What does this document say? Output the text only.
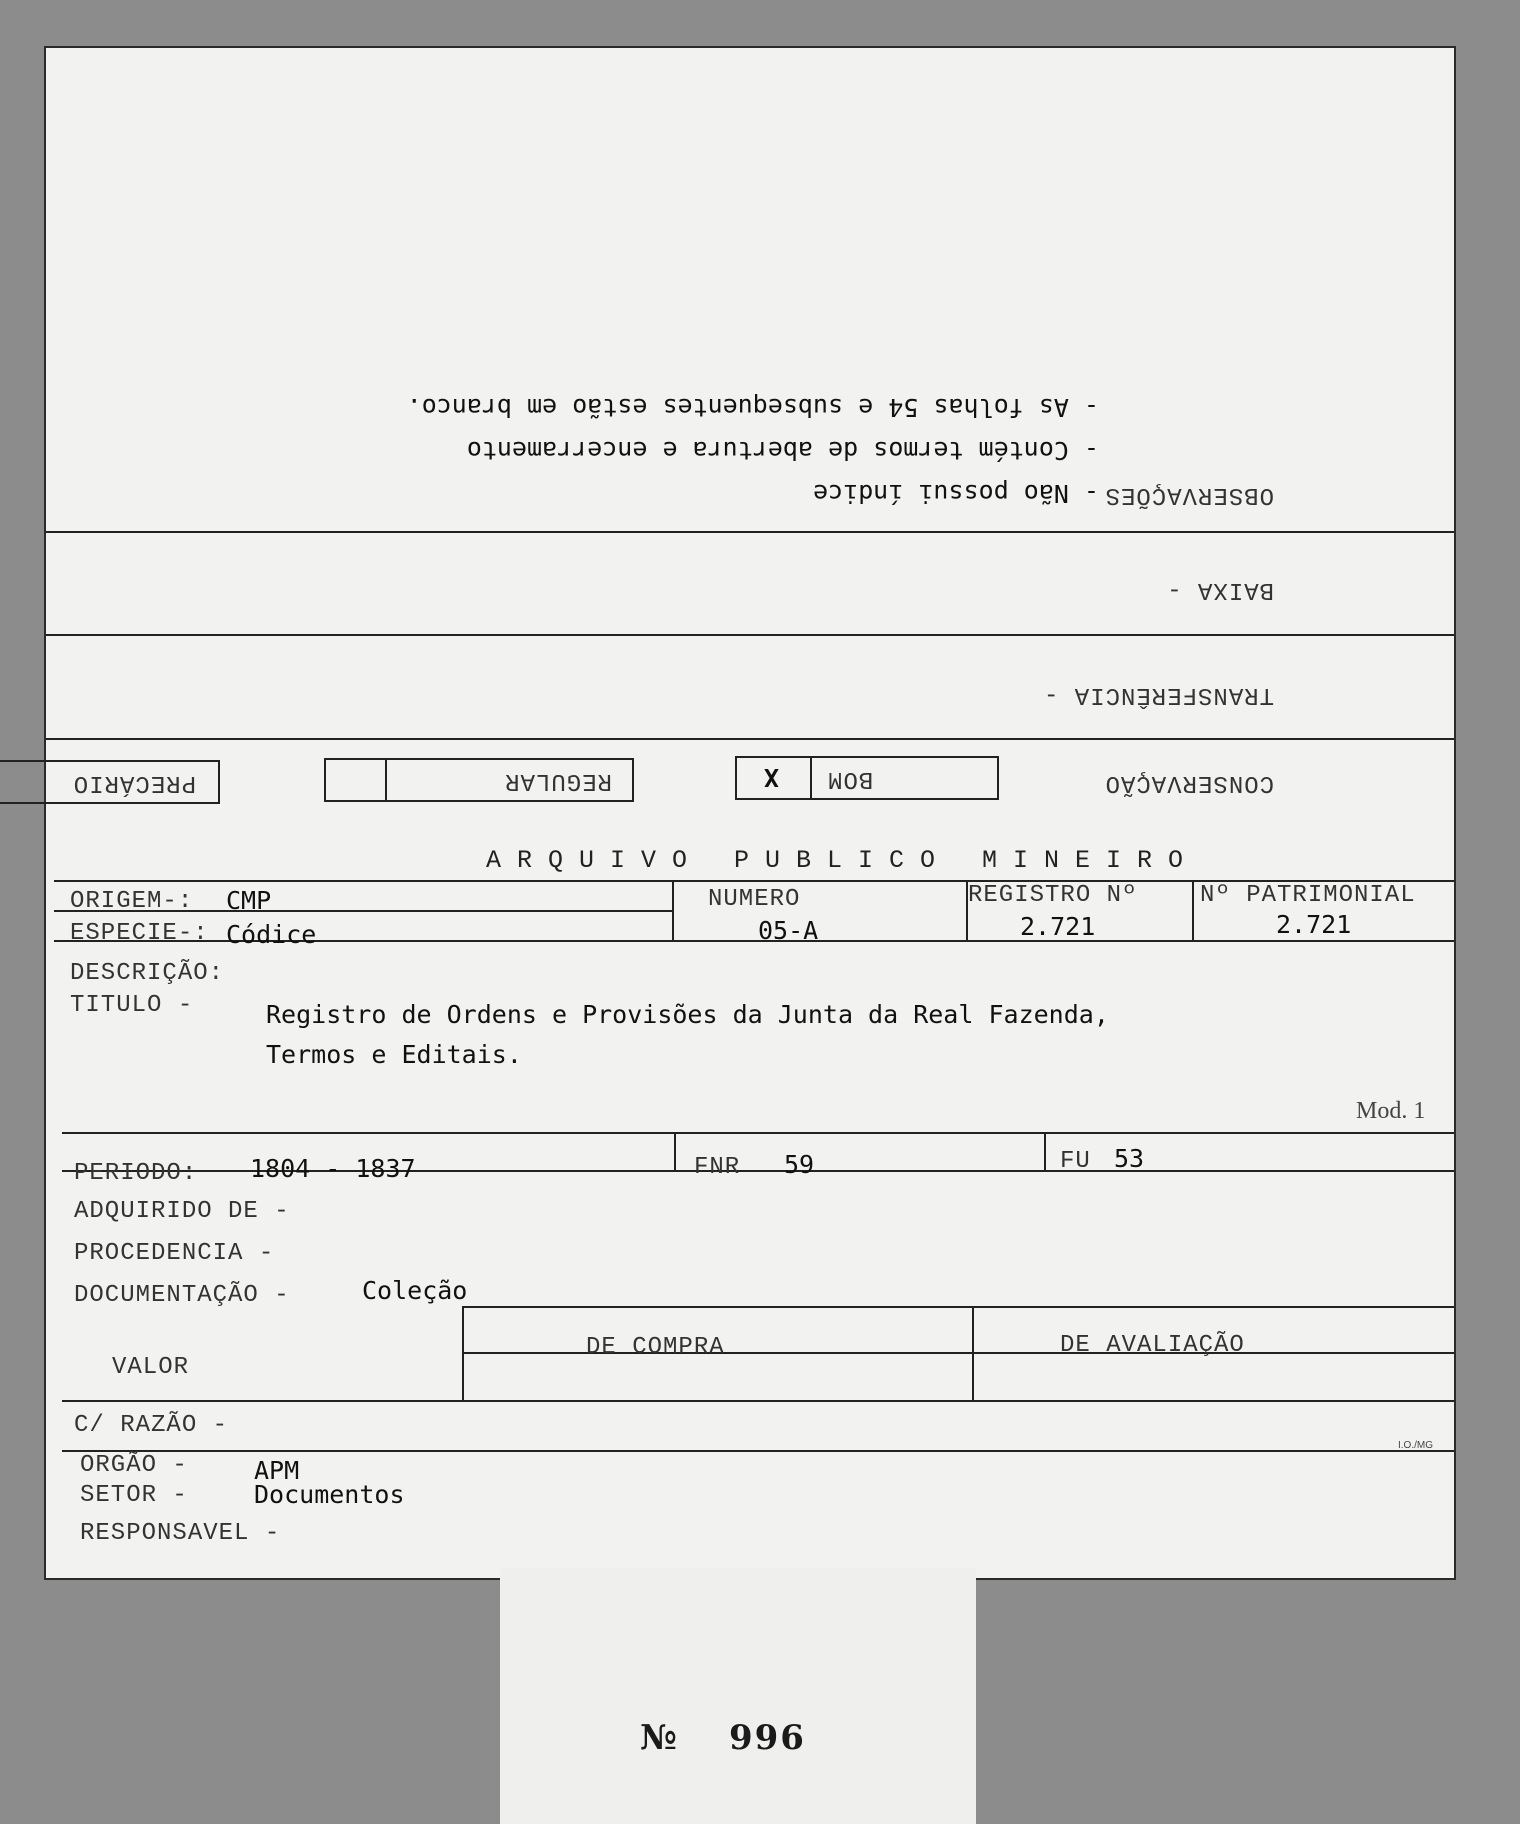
OBSERVAÇÕES
- Não possui índice
- Contém termos de abertura e encerramento
- As folhas 54 e subsequentes estão em branco.
BAIXA -
TRANSFERÊNCIA -
CONSERVAÇÃO
BOM
X
REGULAR
PRECÁRIO
ARQUIVO PUBLICO MINEIRO
ORIGEM-: CMP
ESPECIE-: Códice
NUMERO
05-A
REGISTRO Nº
2.721
Nº PATRIMONIAL
2.721
DESCRIÇÃO:
TITULO -	Registro de Ordens e Provisões da Junta da Real Fazenda,
Termos e Editais.
Mod. 1
PERIODO: 1804 - 1837	FNR 59	FU 53
ADQUIRIDO DE -
PROCEDENCIA -
DOCUMENTAÇÃO -	Coleção
VALOR
DE COMPRA	DE AVALIAÇÃO
C/ RAZÃO -
I.O./MG
ORGÃO -	APM
SETOR -	Documentos
RESPONSAVEL -
№ 996
